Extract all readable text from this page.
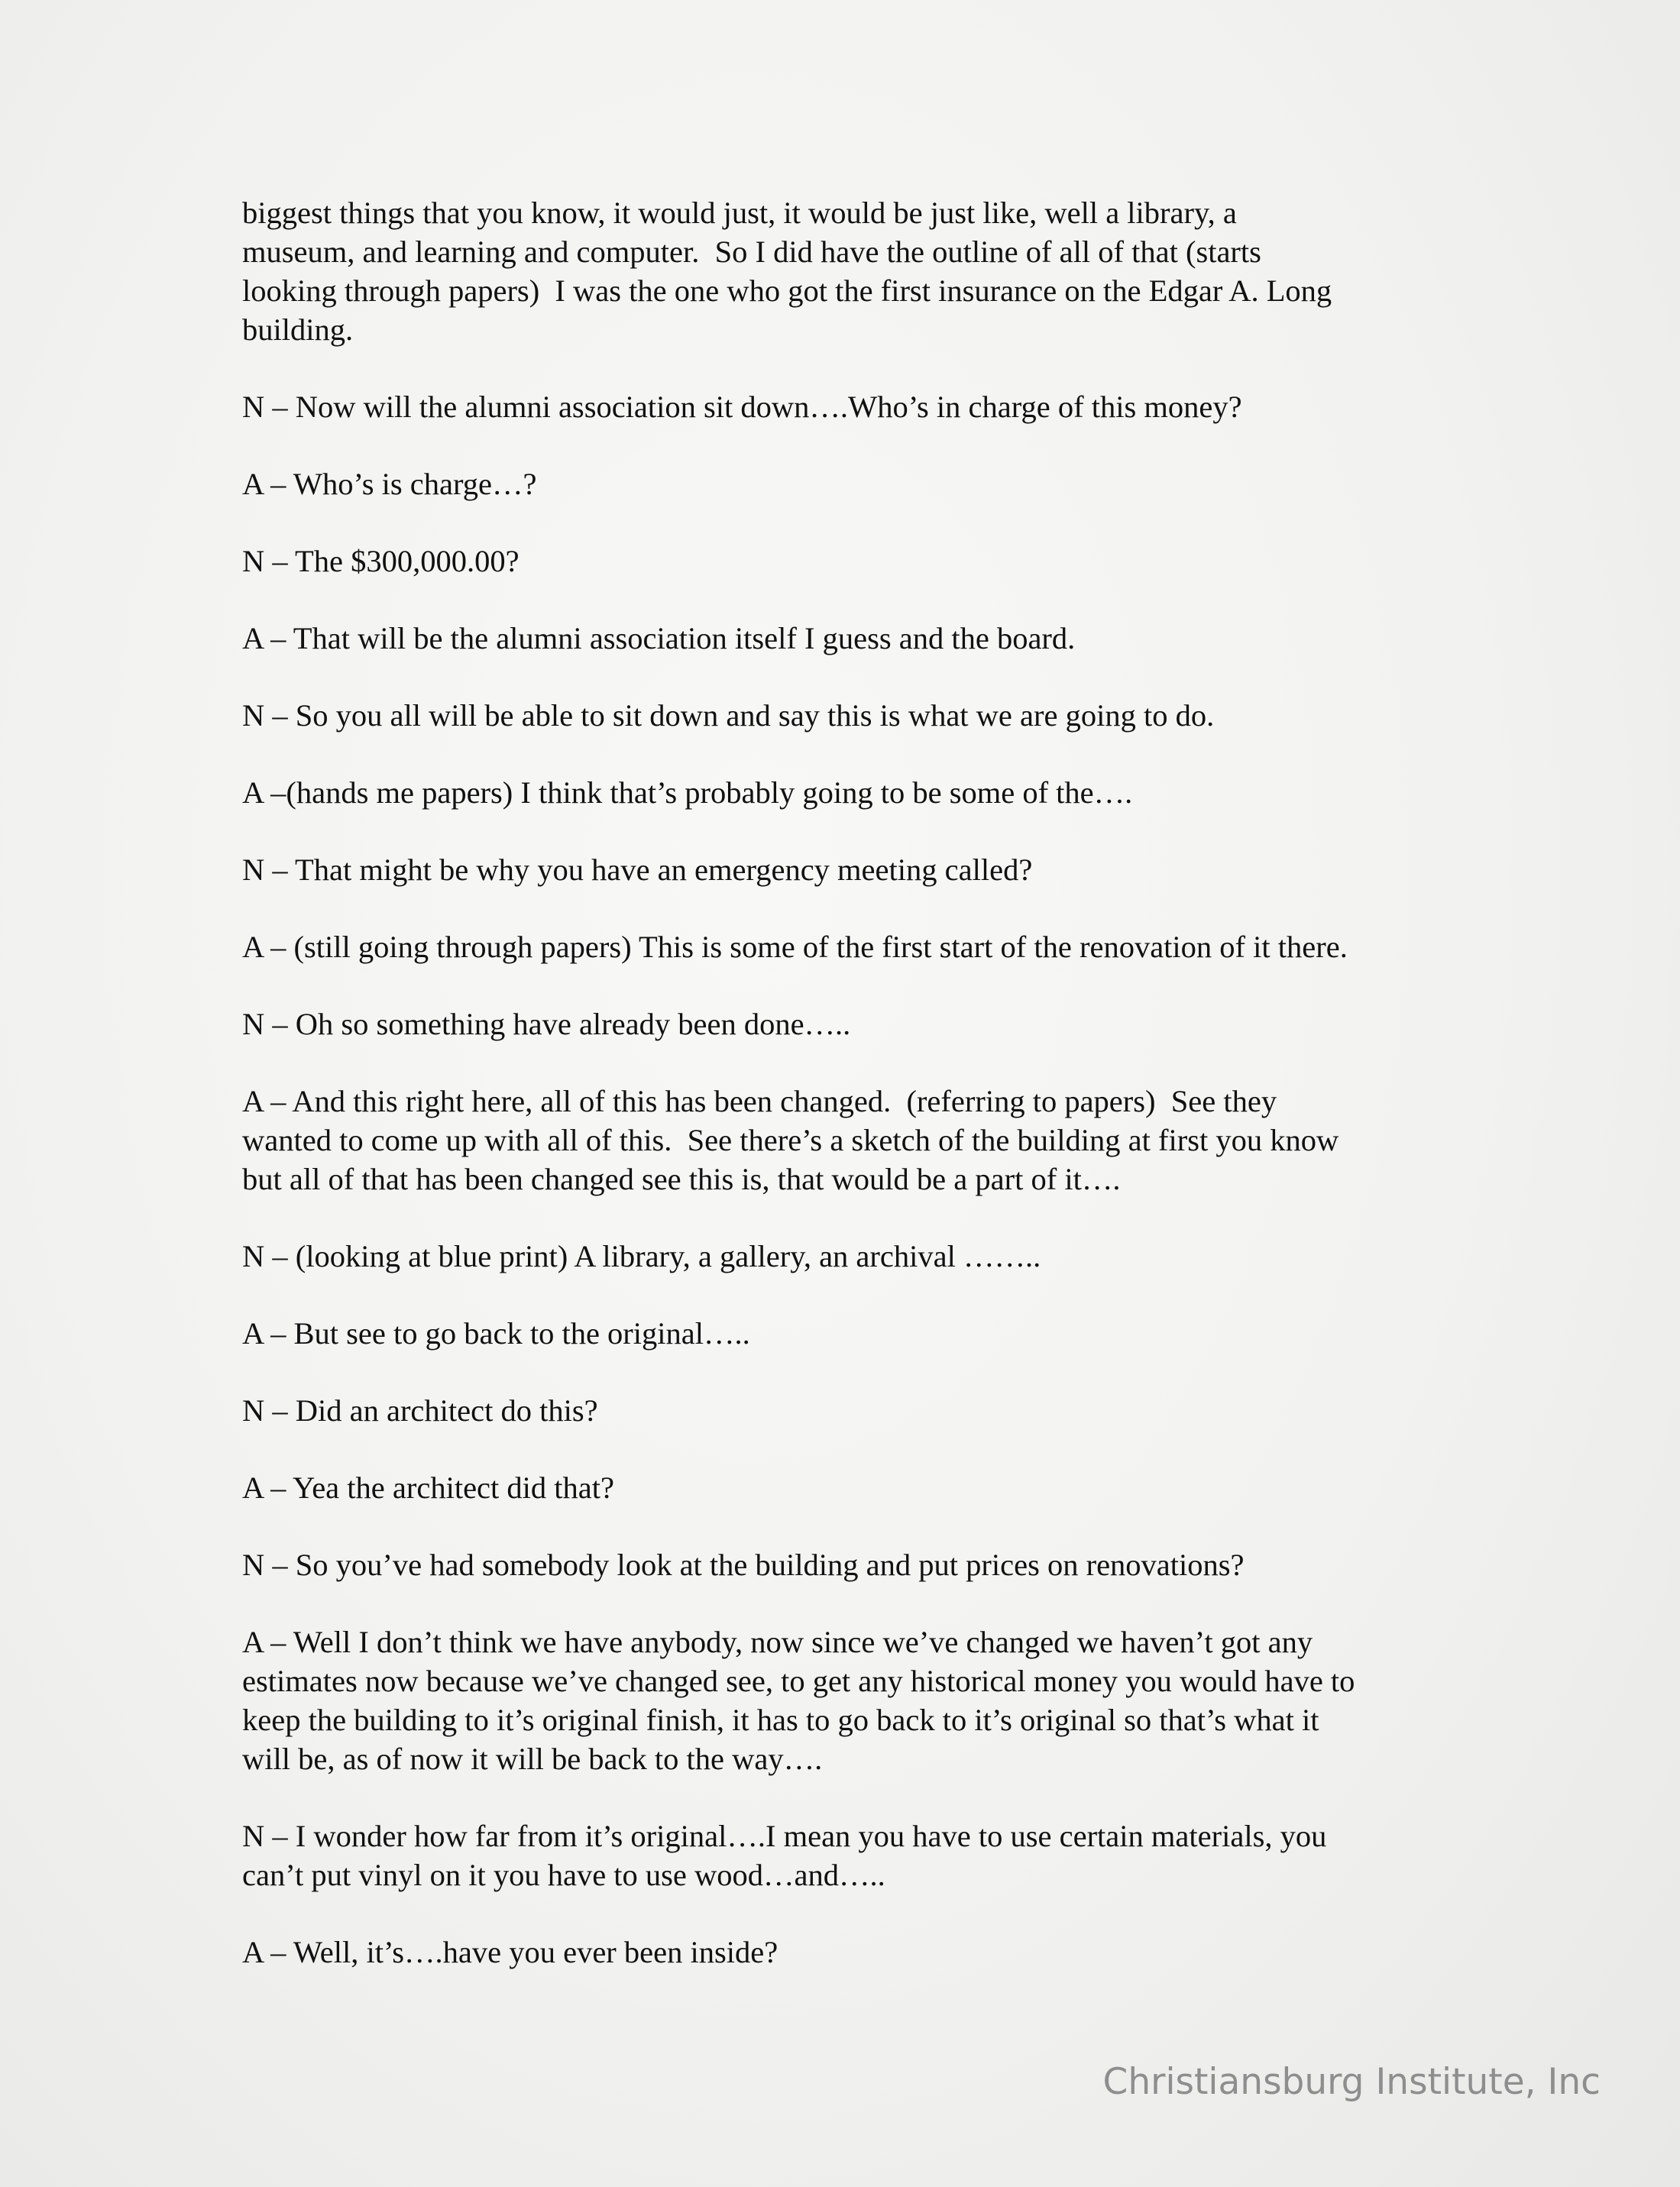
biggest things that you know, it would just, it would be just like, well a library, a
museum, and learning and computer.  So I did have the outline of all of that (starts
looking through papers)  I was the one who got the first insurance on the Edgar A. Long
building.

N – Now will the alumni association sit down….Who’s in charge of this money?

A – Who’s is charge…?

N – The $300,000.00?

A – That will be the alumni association itself I guess and the board.

N – So you all will be able to sit down and say this is what we are going to do.

A –(hands me papers) I think that’s probably going to be some of the….

N – That might be why you have an emergency meeting called?

A – (still going through papers) This is some of the first start of the renovation of it there.

N – Oh so something have already been done…..

A – And this right here, all of this has been changed.  (referring to papers)  See they
wanted to come up with all of this.  See there’s a sketch of the building at first you know
but all of that has been changed see this is, that would be a part of it….

N – (looking at blue print) A library, a gallery, an archival ……..

A – But see to go back to the original…..

N – Did an architect do this?

A – Yea the architect did that?

N – So you’ve had somebody look at the building and put prices on renovations?

A – Well I don’t think we have anybody, now since we’ve changed we haven’t got any
estimates now because we’ve changed see, to get any historical money you would have to
keep the building to it’s original finish, it has to go back to it’s original so that’s what it
will be, as of now it will be back to the way….

N – I wonder how far from it’s original….I mean you have to use certain materials, you
can’t put vinyl on it you have to use wood…and…..

A – Well, it’s….have you ever been inside?

Christiansburg Institute, Inc
